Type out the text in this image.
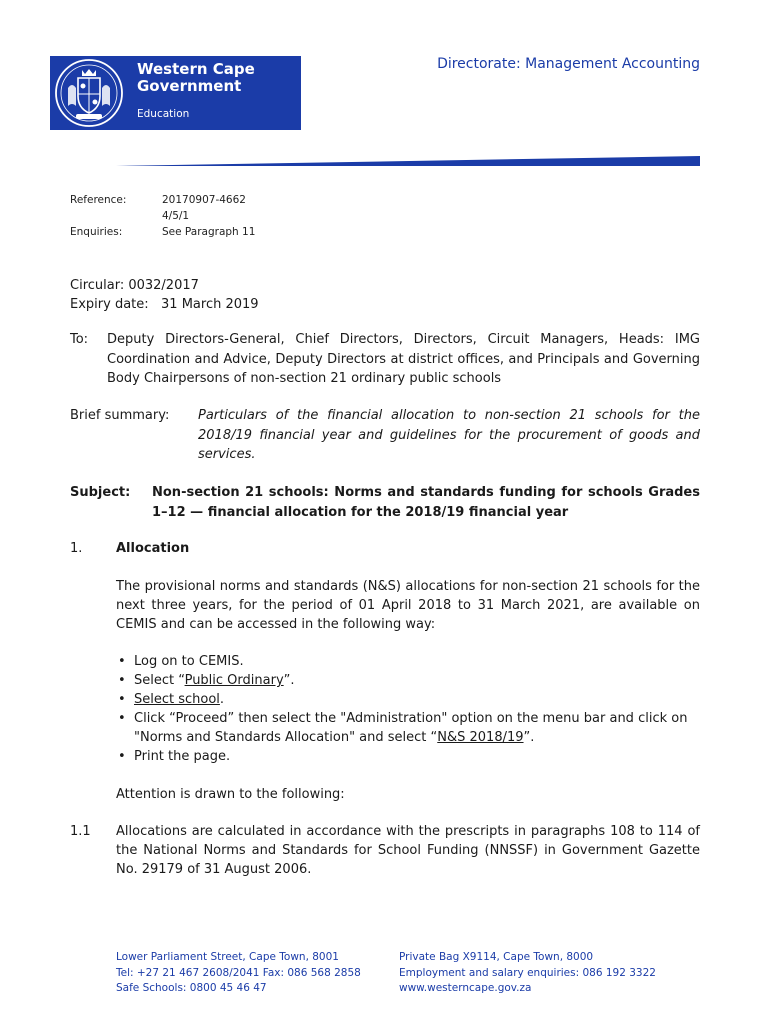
Western Cape
Government
Education
Directorate: Management Accounting
Reference:	20170907-4662
4/5/1
Enquiries:	See Paragraph 11
Circular: 0032/2017
Expiry date:   31 March 2019
To: Deputy Directors-General, Chief Directors, Directors, Circuit Managers, Heads: IMG Coordination and Advice, Deputy Directors at district offices, and Principals and Governing Body Chairpersons of non-section 21 ordinary public schools
Brief summary: Particulars of the financial allocation to non-section 21 schools for the 2018/19 financial year and guidelines for the procurement of goods and services.
Subject: Non-section 21 schools: Norms and standards funding for schools Grades 1–12 — financial allocation for the 2018/19 financial year
1.	Allocation
The provisional norms and standards (N&S) allocations for non-section 21 schools for the next three years, for the period of 01 April 2018 to 31 March 2021, are available on CEMIS and can be accessed in the following way:
• Log on to CEMIS.
• Select “Public Ordinary”.
• Select school.
• Click “Proceed” then select the "Administration" option on the menu bar and click on "Norms and Standards Allocation" and select “N&S 2018/19”.
• Print the page.
Attention is drawn to the following:
1.1 Allocations are calculated in accordance with the prescripts in paragraphs 108 to 114 of the National Norms and Standards for School Funding (NNSSF) in Government Gazette No. 29179 of 31 August 2006.
Lower Parliament Street, Cape Town, 8001
Tel: +27 21 467 2608/2041 Fax: 086 568 2858
Safe Schools: 0800 45 46 47
Private Bag X9114, Cape Town, 8000
Employment and salary enquiries: 086 192 3322
www.westerncape.gov.za
